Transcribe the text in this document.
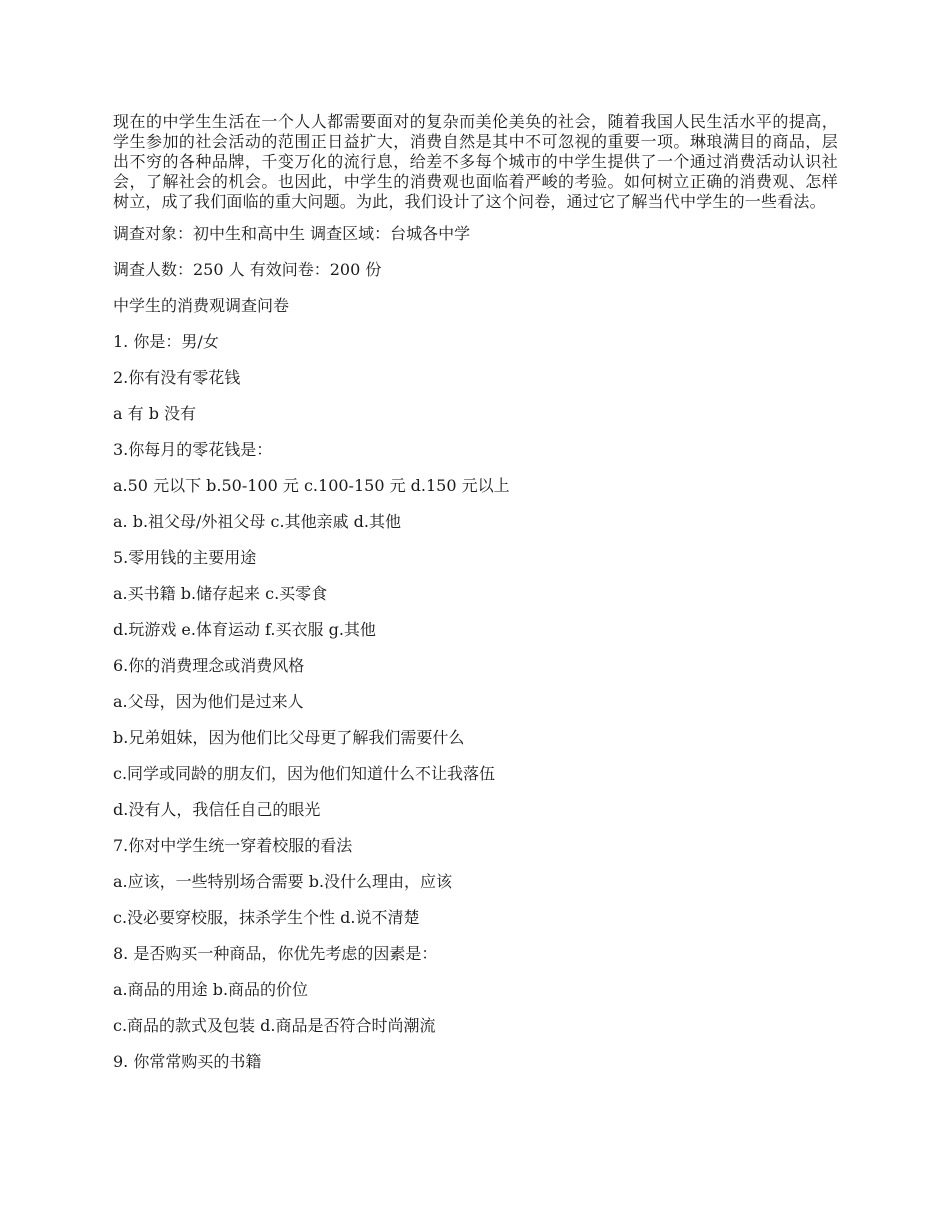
现在的中学生生活在一个人人都需要面对的复杂而美伦美奂的社会，随着我国人民生活水平的提高，学生参加的社会活动的范围正日益扩大，消费自然是其中不可忽视的重要一项。琳琅满目的商品，层出不穷的各种品牌，千变万化的流行息，给差不多每个城市的中学生提供了一个通过消费活动认识社会，了解社会的机会。也因此，中学生的消费观也面临着严峻的考验。如何树立正确的消费观、怎样树立，成了我们面临的重大问题。为此，我们设计了这个问卷，通过它了解当代中学生的一些看法。

调查对象：初中生和高中生 调查区域：台城各中学

调查人数：250 人 有效问卷：200 份

中学生的消费观调查问卷

1. 你是：男/女

2.你有没有零花钱

a 有 b 没有

3.你每月的零花钱是：

a.50 元以下 b.50-100 元 c.100-150 元 d.150 元以上

a. b.祖父母/外祖父母 c.其他亲戚 d.其他

5.零用钱的主要用途

a.买书籍 b.储存起来 c.买零食

d.玩游戏 e.体育运动 f.买衣服 g.其他

6.你的消费理念或消费风格

a.父母，因为他们是过来人

b.兄弟姐妹，因为他们比父母更了解我们需要什么

c.同学或同龄的朋友们，因为他们知道什么不让我落伍

d.没有人，我信任自己的眼光

7.你对中学生统一穿着校服的看法

a.应该，一些特别场合需要 b.没什么理由，应该

c.没必要穿校服，抹杀学生个性 d.说不清楚

8. 是否购买一种商品，你优先考虑的因素是：

a.商品的用途 b.商品的价位

c.商品的款式及包装 d.商品是否符合时尚潮流

9. 你常常购买的书籍
